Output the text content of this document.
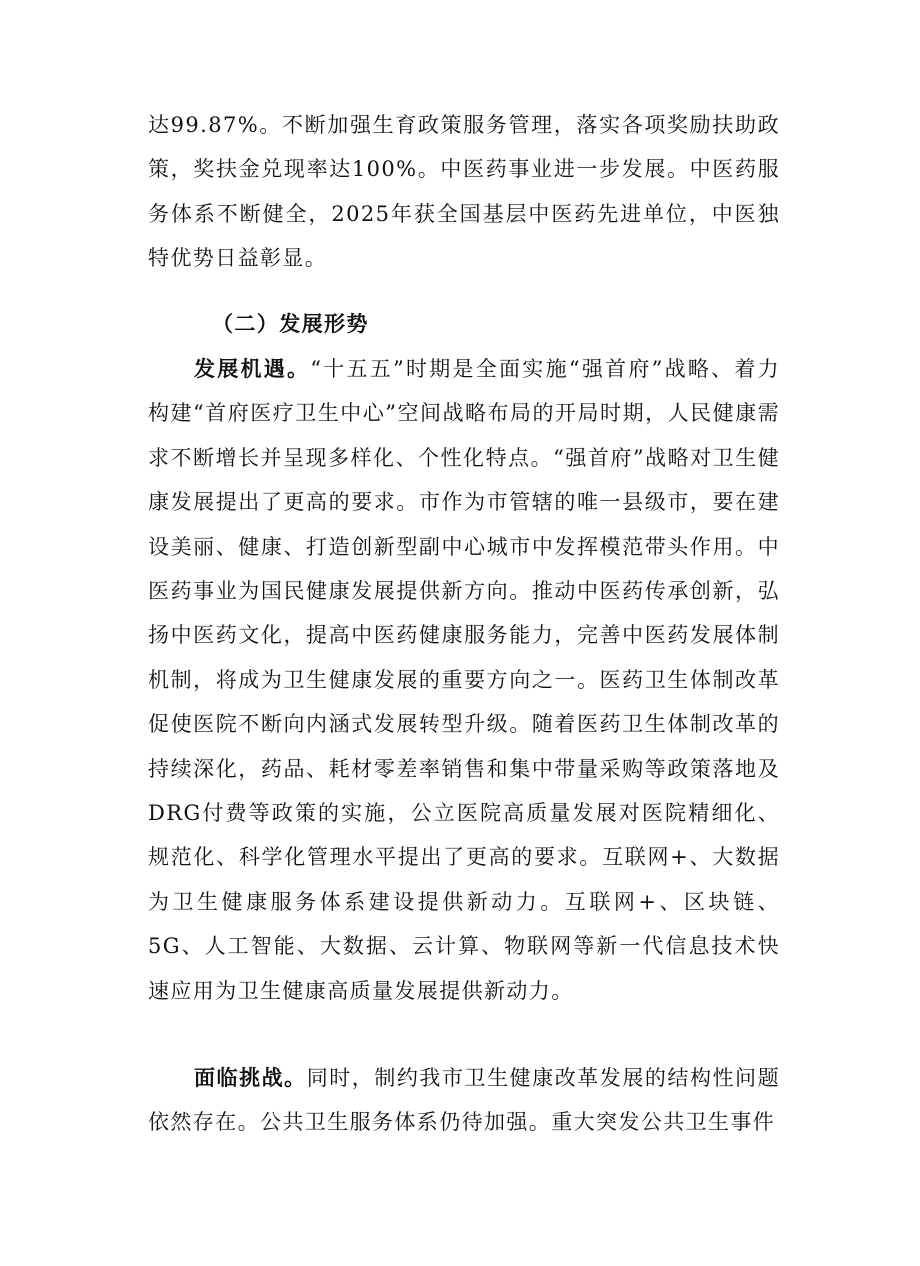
达99.87%。不断加强生育政策服务管理，落实各项奖励扶助政策，奖扶金兑现率达100%。中医药事业进一步发展。中医药服务体系不断健全，2025年获全国基层中医药先进单位，中医独特优势日益彰显。

（二）发展形势

发展机遇。“十五五”时期是全面实施“强首府”战略、着力构建“首府医疗卫生中心”空间战略布局的开局时期，人民健康需求不断增长并呈现多样化、个性化特点。“强首府”战略对卫生健康发展提出了更高的要求。市作为市管辖的唯一县级市，要在建设美丽、健康、打造创新型副中心城市中发挥模范带头作用。中医药事业为国民健康发展提供新方向。推动中医药传承创新，弘扬中医药文化，提高中医药健康服务能力，完善中医药发展体制机制，将成为卫生健康发展的重要方向之一。医药卫生体制改革促使医院不断向内涵式发展转型升级。随着医药卫生体制改革的持续深化，药品、耗材零差率销售和集中带量采购等政策落地及DRG付费等政策的实施，公立医院高质量发展对医院精细化、规范化、科学化管理水平提出了更高的要求。互联网+、大数据为卫生健康服务体系建设提供新动力。互联网+、区块链、5G、人工智能、大数据、云计算、物联网等新一代信息技术快速应用为卫生健康高质量发展提供新动力。

面临挑战。同时，制约我市卫生健康改革发展的结构性问题依然存在。公共卫生服务体系仍待加强。重大突发公共卫生事件
